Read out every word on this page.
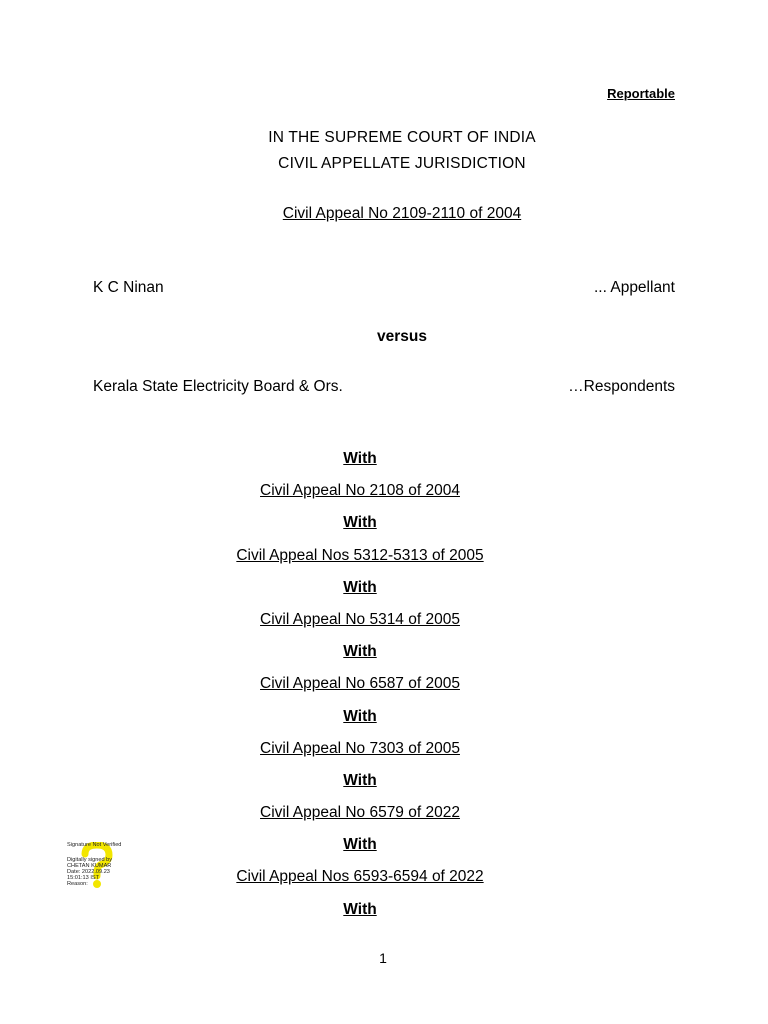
Reportable
IN THE SUPREME COURT OF INDIA
CIVIL APPELLATE JURISDICTION
Civil Appeal No 2109-2110 of 2004
K C Ninan	... Appellant
versus
Kerala State Electricity Board & Ors.	…Respondents
With
Civil Appeal No 2108 of 2004
With
Civil Appeal Nos 5312-5313 of 2005
With
Civil Appeal No 5314 of 2005
With
Civil Appeal No 6587 of 2005
With
Civil Appeal No 7303 of 2005
With
Civil Appeal No 6579 of 2022
With
Civil Appeal Nos 6593-6594 of 2022
With
Signature Not Verified
Digitally signed by
CHETAN KUMAR
Date: 2022.09.23
15:01:13 IST
Reason:
1
